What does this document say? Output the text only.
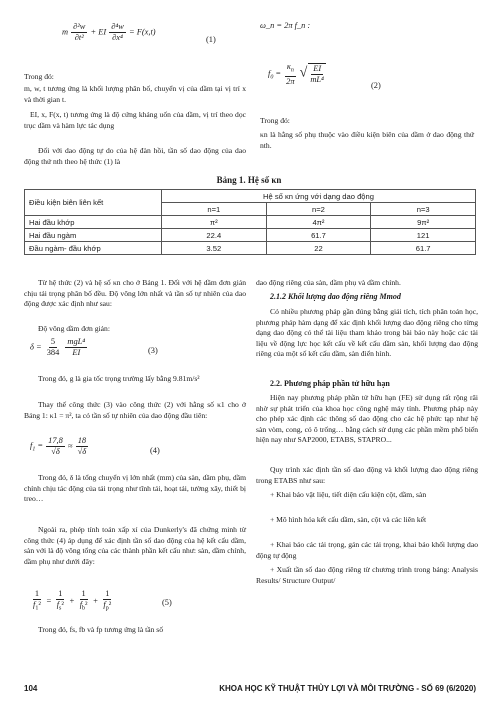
m $\frac{\text{∂²w}}{\text{∂t²}}$ + EI $\frac{\text{∂⁴w}}{\text{∂x⁴}} = F(x,t)$
(1)
Trong đó:
m, w, t tương ứng là khối lượng phân bố, chuyển vị của dầm tại vị trí x và thời gian t.
EI, x, F(x, t) tương ứng là độ cứng kháng uốn của dầm, vị trí theo dọc trục dầm và hàm lực tác dụng
Đối với dao động tự do của hệ đàn hồi, tần số dao động của dao động thứ nth theo hệ thức (1) là
ω_n = 2π f_n :
$f_0 = \frac{\kappa_n}{2\pi}$ √ $\frac{EI}{\text{mL⁴}}$
(2)
Trong đó:
κn là hằng số phụ thuộc vào điều kiện biên của dầm ở dao động thứ nth.
Bảng 1. Hệ số κn
Điều kiện biên liên kết	Hệ số κn ứng với dạng dao động		
	n=1	n=2	n=3
Hai đầu khớp	π²	4π²	9π²
Hai đầu ngàm	22.4	61.7	121
Đầu ngàm- đầu khớp	3.52	22	61.7
Từ hệ thức (2) và hệ số κn cho ở Bảng 1. Đối với hệ dầm đơn giản chịu tải trọng phân bố đều. Độ võng lớn nhất và tần số tự nhiên của dao động được xác định như sau:
Độ võng dầm đơn giản:
$\delta = \frac{5}{384}$
$\frac{\text{mgL⁴}}{EI}$	(3)
Trong đó, g là gia tốc trọng trường lấy bằng 9.81m/s²
Thay thế công thức (3) vào công thức (2) với hằng số κ1 cho ở Bảng 1: κ1 = π², ta có tần số tự nhiên của dao động đầu tiên:
$f_1 = \frac{17,8}{√\delta} \approx \frac{18}{√\delta}$	(4)
Trong đó, δ là tổng chuyển vị lớn nhất (mm) của sàn, dầm phụ, dầm chính chịu tác động của tải trọng như tĩnh tải, hoạt tải, tường xây, thiết bị treo…
Ngoài ra, phép tính toán xấp xỉ của Dunkerly's đã chứng minh từ công thức (4) áp dụng để xác định tần số dao động của hệ kết cấu dầm, sàn với là độ võng tổng của các thành phần kết cấu như: sàn, dầm chính, dầm phụ như dưới đây:
$\frac{1}{f_1^2} = \frac{1}{f_s^2} + \frac{1}{f_b^2} + \frac{1}{f_p^2}$	(5)
Trong đó, fs, fb và fp tương ứng là tần số
dao động riêng của sàn, dầm phụ và dầm chính.
2.1.2 Khối lượng dao động riêng Mmod
Có nhiều phương pháp gần đúng bằng giải tích, tích phân toán học, phương pháp hàm dạng để xác định khối lượng dao động riêng cho từng dạng dao động có thể tài liệu tham khảo trong bài báo này hoặc các tài liệu về động lực học kết cấu về kết cấu dầm sàn, khối lượng dao động riêng của một số kết cấu dầm, sàn điển hình.
2.2. Phương pháp phần tử hữu hạn
Hiện nay phương pháp phần tử hữu hạn (FE) sử dụng rất rộng rãi nhờ sự phát triển của khoa học công nghệ máy tính. Phương pháp này cho phép xác định các thông số dao động cho các hệ phức tạp như hệ sàn vòm, cong, có ô trống… bằng cách sử dụng các phần mềm phổ biến hiện nay như SAP2000, ETABS, STAPRO...
Quy trình xác định tần số dao động và khối lượng dao động riêng trong ETABS như sau:
+ Khai báo vật liệu, tiết diện cấu kiện cột, dầm, sàn
+ Mô hình hóa kết cấu dầm, sàn, cột và các liên kết
+ Khai báo các tải trọng, gán các tải trọng, khai báo khối lượng dao động tự động
+ Xuất tần số dao động riêng từ chương trình trong bảng: Analysis Results/ Structure Output/
104	KHOA HỌC KỸ THUẬT THỦY LỢI VÀ MÔI TRƯỜNG - SỐ 69 (6/2020)
